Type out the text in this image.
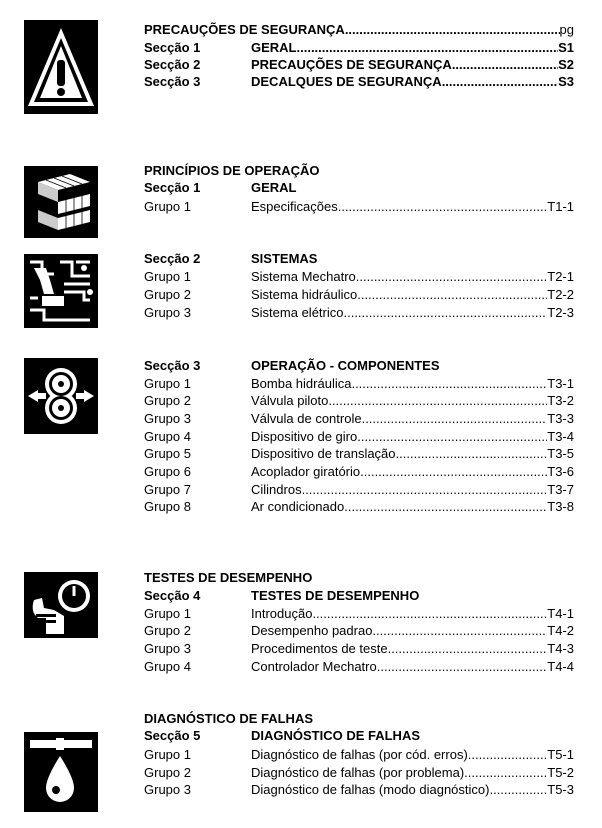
PRECAUÇÕES DE SEGURANÇA .....	pg
Secção 1	GERAL .....	S1
Secção 2	PRECAUÇÕES DE SEGURANÇA .....	S2
Secção 3	DECALQUES DE SEGURANÇA .....	S3
PRINCÍPIOS DE OPERAÇÃO
Secção 1	GERAL
Grupo 1	Especificações .....	T1-1
Secção 2	SISTEMAS
Grupo 1	Sistema Mechatro .....	T2-1
Grupo 2	Sistema hidráulico .....	T2-2
Grupo 3	Sistema elétrico .....	T2-3
Secção 3	OPERAÇÃO - COMPONENTES
Grupo 1	Bomba hidráulica .....	T3-1
Grupo 2	Válvula piloto .....	T3-2
Grupo 3	Válvula de controle .....	T3-3
Grupo 4	Dispositivo de giro .....	T3-4
Grupo 5	Dispositivo de translação .....	T3-5
Grupo 6	Acoplador giratório .....	T3-6
Grupo 7	Cilindros .....	T3-7
Grupo 8	Ar condicionado .....	T3-8
TESTES DE DESEMPENHO
Secção 4	TESTES DE DESEMPENHO
Grupo 1	Introdução .....	T4-1
Grupo 2	Desempenho padrao .....	T4-2
Grupo 3	Procedimentos de teste .....	T4-3
Grupo 4	Controlador Mechatro .....	T4-4
DIAGNÓSTICO DE FALHAS
Secção 5	DIAGNÓSTICO DE FALHAS
Grupo 1	Diagnóstico de falhas (por cód. erros) .....	T5-1
Grupo 2	Diagnóstico de falhas (por problema) .....	T5-2
Grupo 3	Diagnóstico de falhas (modo diagnóstico) .....	T5-3
